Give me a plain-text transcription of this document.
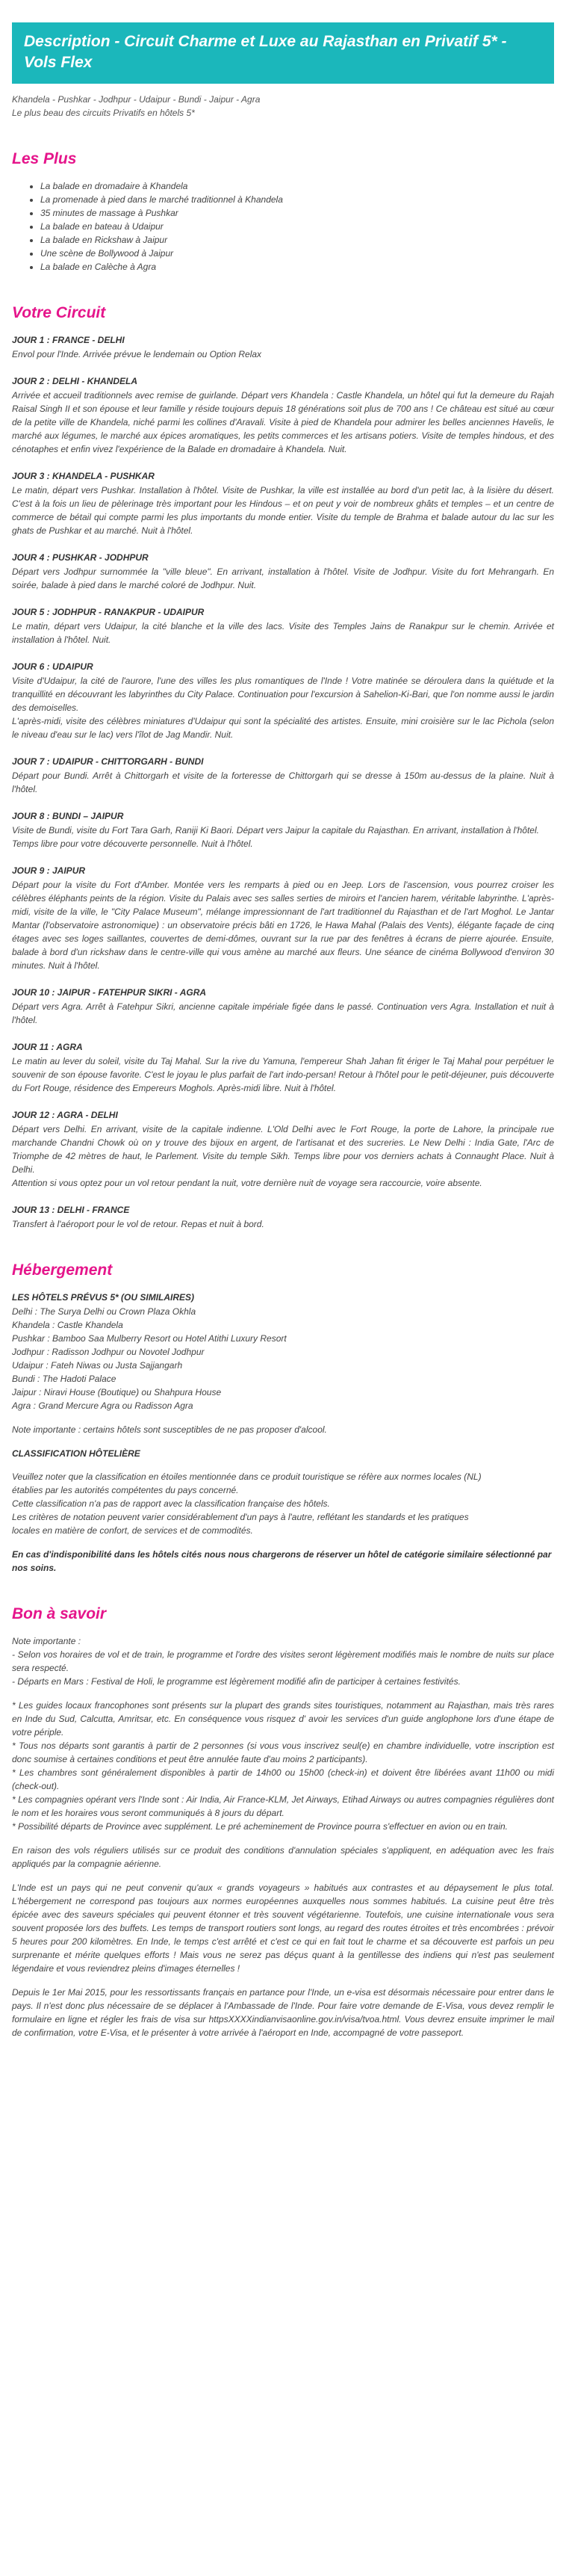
Description - Circuit Charme et Luxe au Rajasthan en Privatif 5* - Vols Flex

Khandela - Pushkar - Jodhpur - Udaipur - Bundi - Jaipur - Agra

Le plus beau des circuits Privatifs en hôtels 5*

Les Plus
• La balade en dromadaire à Khandela
• La promenade à pied dans le marché traditionnel à Khandela
• 35 minutes de massage à Pushkar
• La balade en bateau à Udaipur
• La balade en Rickshaw à Jaipur
• Une scène de Bollywood à Jaipur
• La balade en Calèche à Agra
Votre Circuit
JOUR 1 : FRANCE - DELHI

Envol pour l'Inde. Arrivée prévue le lendemain ou Option Relax

JOUR 2 : DELHI - KHANDELA

Arrivée et accueil traditionnels avec remise de guirlande. Départ vers Khandela : Castle Khandela, un hôtel qui fut la demeure du Rajah Raisal Singh II et son épouse et leur famille y réside toujours depuis 18 générations soit plus de 700 ans ! Ce château est situé au cœur de la petite ville de Khandela, niché parmi les collines d'Aravali. Visite à pied de Khandela pour admirer les belles anciennes Havelis, le marché aux légumes, le marché aux épices aromatiques, les petits commerces et les artisans potiers. Visite de temples hindous, et des cénotaphes et enfin vivez l'expérience de la Balade en dromadaire à Khandela. Nuit.

JOUR 3 : KHANDELA - PUSHKAR

Le matin, départ vers Pushkar. Installation à l'hôtel. Visite de Pushkar, la ville est installée au bord d'un petit lac, à la lisière du désert. C'est à la fois un lieu de pèlerinage très important pour les Hindous – et on peut y voir de nombreux ghâts et temples – et un centre de commerce de bétail qui compte parmi les plus importants du monde entier. Visite du temple de Brahma et balade autour du lac sur les ghats de Pushkar et au marché. Nuit à l'hôtel.

JOUR 4 : PUSHKAR - JODHPUR

Départ vers Jodhpur surnommée la "ville bleue". En arrivant, installation à l'hôtel. Visite de Jodhpur. Visite du fort Mehrangarh. En soirée, balade à pied dans le marché coloré de Jodhpur. Nuit.

JOUR 5 : JODHPUR - RANAKPUR - UDAIPUR

Le matin, départ vers Udaipur, la cité blanche et la ville des lacs. Visite des Temples Jains de Ranakpur sur le chemin. Arrivée et installation à l'hôtel. Nuit.

JOUR 6 : UDAIPUR

Visite d'Udaipur, la cité de l'aurore, l'une des villes les plus romantiques de l'Inde ! Votre matinée se déroulera dans la quiétude et la tranquillité en découvrant les labyrinthes du City Palace. Continuation pour l'excursion à Sahelion-Ki-Bari, que l'on nomme aussi le jardin des demoiselles.

L'après-midi, visite des célèbres miniatures d'Udaipur qui sont la spécialité des artistes. Ensuite, mini croisière sur le lac Pichola (selon le niveau d'eau sur le lac) vers l'îlot de Jag Mandir. Nuit.

JOUR 7 : UDAIPUR - CHITTORGARH - BUNDI

Départ pour Bundi. Arrêt à Chittorgarh et visite de la forteresse de Chittorgarh qui se dresse à 150m au-dessus de la plaine. Nuit à l'hôtel.

JOUR 8 : BUNDI – JAIPUR

Visite de Bundi, visite du Fort Tara Garh, Raniji Ki Baori. Départ vers Jaipur la capitale du Rajasthan. En arrivant, installation à l'hôtel.

Temps libre pour votre découverte personnelle. Nuit à l'hôtel.

JOUR 9 : JAIPUR

Départ pour la visite du Fort d'Amber. Montée vers les remparts à pied ou en Jeep. Lors de l'ascension, vous pourrez croiser les célèbres éléphants peints de la région. Visite du Palais avec ses salles serties de miroirs et l'ancien harem, véritable labyrinthe. L'après-midi, visite de la ville, le "City Palace Museum", mélange impressionnant de l'art traditionnel du Rajasthan et de l'art Moghol. Le Jantar Mantar (l'observatoire astronomique) : un observatoire précis bâti en 1726, le Hawa Mahal (Palais des Vents), élégante façade de cinq étages avec ses loges saillantes, couvertes de demi-dômes, ouvrant sur la rue par des fenêtres à écrans de pierre ajourée. Ensuite, balade à bord d'un rickshaw dans le centre-ville qui vous amène au marché aux fleurs. Une séance de cinéma Bollywood d'environ 30 minutes. Nuit à l'hôtel.

JOUR 10 : JAIPUR - FATEHPUR SIKRI - AGRA

Départ vers Agra. Arrêt à Fatehpur Sikri, ancienne capitale impériale figée dans le passé. Continuation vers Agra. Installation et nuit à l'hôtel.

JOUR 11 : AGRA

Le matin au lever du soleil, visite du Taj Mahal. Sur la rive du Yamuna, l'empereur Shah Jahan fit ériger le Taj Mahal pour perpétuer le souvenir de son épouse favorite. C'est le joyau le plus parfait de l'art indo-persan! Retour à l'hôtel pour le petit-déjeuner, puis découverte du Fort Rouge, résidence des Empereurs Moghols. Après-midi libre. Nuit à l'hôtel.

JOUR 12 : AGRA - DELHI

Départ vers Delhi. En arrivant, visite de la capitale indienne. L'Old Delhi avec le Fort Rouge, la porte de Lahore, la principale rue marchande Chandni Chowk où on y trouve des bijoux en argent, de l'artisanat et des sucreries. Le New Delhi : India Gate, l'Arc de Triomphe de 42 mètres de haut, le Parlement. Visite du temple Sikh. Temps libre pour vos derniers achats à Connaught Place. Nuit à Delhi.

Attention si vous optez pour un vol retour pendant la nuit, votre dernière nuit de voyage sera raccourcie, voire absente.

JOUR 13 : DELHI - FRANCE

Transfert à l'aéroport pour le vol de retour. Repas et nuit à bord.

Hébergement
LES HÔTELS PRÉVUS 5* (OU SIMILAIRES)

Delhi : The Surya Delhi ou Crown Plaza Okhla

Khandela : Castle Khandela

Pushkar : Bamboo Saa Mulberry Resort ou Hotel Atithi Luxury Resort

Jodhpur : Radisson Jodhpur ou Novotel Jodhpur

Udaipur : Fateh Niwas ou Justa Sajjangarh

Bundi : The Hadoti Palace

Jaipur : Niravi House (Boutique) ou Shahpura House

Agra : Grand Mercure Agra ou Radisson Agra

Note importante : certains hôtels sont susceptibles de ne pas proposer d'alcool.

CLASSIFICATION HÔTELIÈRE

Veuillez noter que la classification en étoiles mentionnée dans ce produit touristique se réfère aux normes locales (NL)

établies par les autorités compétentes du pays concerné.

Cette classification n'a pas de rapport avec la classification française des hôtels.

Les critères de notation peuvent varier considérablement d'un pays à l'autre, reflétant les standards et les pratiques

locales en matière de confort, de services et de commodités.

En cas d'indisponibilité dans les hôtels cités nous nous chargerons de réserver un hôtel de catégorie similaire sélectionné par nos soins.

Bon à savoir

Note importante :

- Selon vos horaires de vol et de train, le programme et l'ordre des visites seront légèrement modifiés mais le nombre de nuits sur place sera respecté.

- Départs en Mars : Festival de Holi, le programme est légèrement modifié afin de participer à certaines festivités.

* Les guides locaux francophones sont présents sur la plupart des grands sites touristiques, notamment au Rajasthan, mais très rares en Inde du Sud, Calcutta, Amritsar, etc. En conséquence vous risquez d' avoir les services d'un guide anglophone lors d'une étape de votre périple.

* Tous nos départs sont garantis à partir de 2 personnes (si vous vous inscrivez seul(e) en chambre individuelle, votre inscription est donc soumise à certaines conditions et peut être annulée faute d'au moins 2 participants).

* Les chambres sont généralement disponibles à partir de 14h00 ou 15h00 (check-in) et doivent être libérées avant 11h00 ou midi (check-out).

* Les compagnies opérant vers l'Inde sont : Air India, Air France-KLM, Jet Airways, Etihad Airways ou autres compagnies régulières dont le nom et les horaires vous seront communiqués à 8 jours du départ.

* Possibilité départs de Province avec supplément. Le pré acheminement de Province pourra s'effectuer en avion ou en train.

En raison des vols réguliers utilisés sur ce produit des conditions d'annulation spéciales s'appliquent, en adéquation avec les frais appliqués par la compagnie aérienne.

L'Inde est un pays qui ne peut convenir qu'aux « grands voyageurs » habitués aux contrastes et au dépaysement le plus total. L'hébergement ne correspond pas toujours aux normes européennes auxquelles nous sommes habitués. La cuisine peut être très épicée avec des saveurs spéciales qui peuvent étonner et très souvent végétarienne. Toutefois, une cuisine internationale vous sera souvent proposée lors des buffets. Les temps de transport routiers sont longs, au regard des routes étroites et très encombrées : prévoir 5 heures pour 200 kilomètres. En Inde, le temps c'est arrêté et c'est ce qui en fait tout le charme et sa découverte est parfois un peu surprenante et mérite quelques efforts ! Mais vous ne serez pas déçus quant à la gentillesse des indiens qui n'est pas seulement légendaire et vous reviendrez pleins d'images éternelles !

Depuis le 1er Mai 2015, pour les ressortissants français en partance pour l'Inde, un e-visa est désormais nécessaire pour entrer dans le pays. Il n'est donc plus nécessaire de se déplacer à l'Ambassade de l'Inde. Pour faire votre demande de E-Visa, vous devez remplir le formulaire en ligne et régler les frais de visa sur httpsXXXXindianvisaonline.gov.in/visa/tvoa.html. Vous devrez ensuite imprimer le mail de confirmation, votre E-Visa, et le présenter à votre arrivée à l'aéroport en Inde, accompagné de votre passeport.
